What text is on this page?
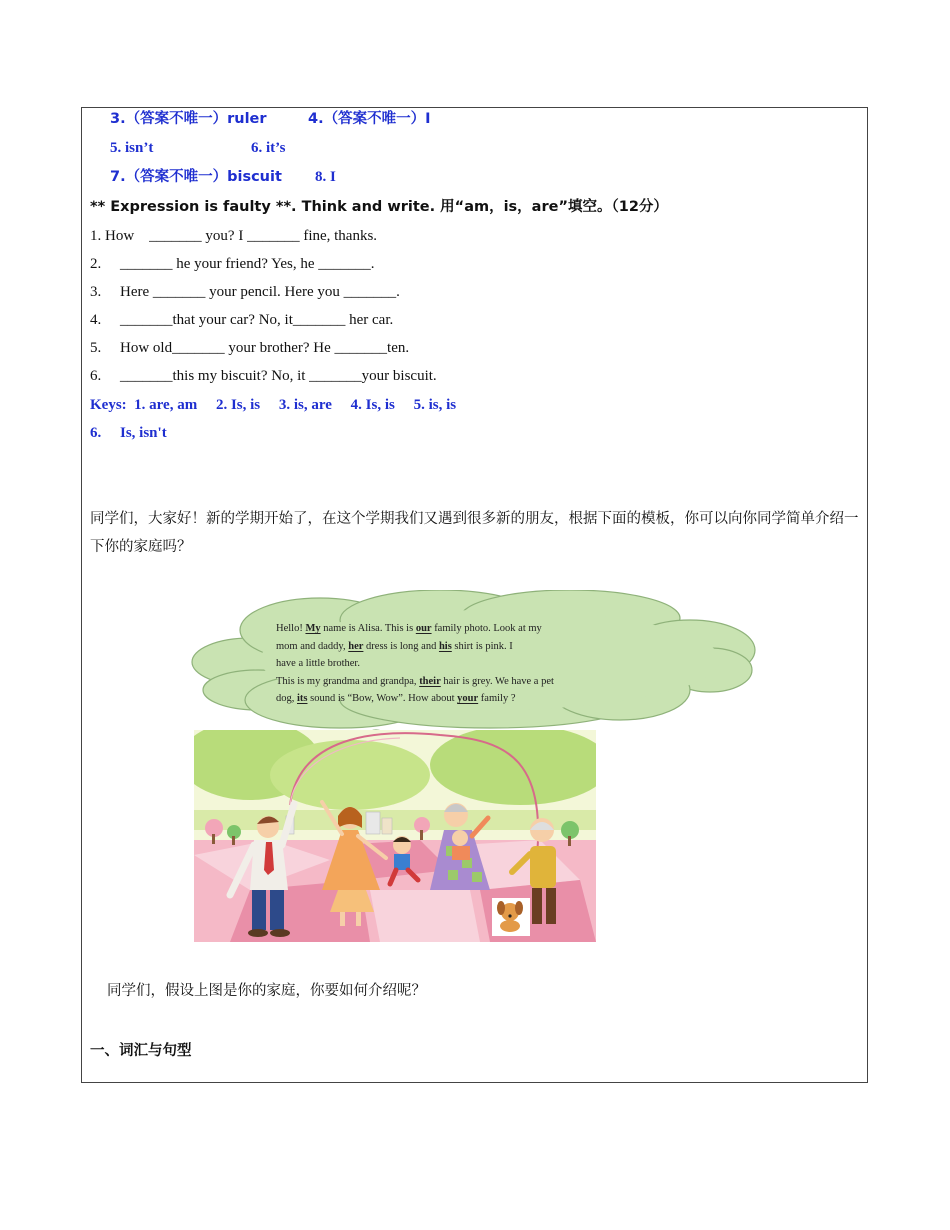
3.（答案不唯一）ruler	4.（答案不唯一）I
5. isn’t	6. it’s
7.（答案不唯一）biscuit 8. I
** Expression is faulty **. Think and write. 用“am，is，are”填空。（12分）
1. How    _______ you? I _______ fine, thanks.
2.     _______ he your friend? Yes, he _______.
3.     Here _______ your pencil. Here you _______.
4.     _______that your car? No, it_______ her car.
5.     How old_______ your brother? He _______ten.
6.     _______this my biscuit? No, it _______your biscuit.
Keys:  1. are, am     2. Is, is     3. is, are     4. Is, is     5. is, is
6.     Is, isn't
同学们，大家好！新的学期开始了，在这个学期我们又遇到很多新的朋友，根据下面的模板，你可以向你同学简单介绍一下你的家庭吗？
Hello! My name is Alisa. This is our family photo. Look at my
mom and daddy, her dress is long and his shirt is pink. I
have a little brother.
This is my grandma and grandpa, their hair is grey. We have a pet
dog, its sound is “Bow, Wow”. How about your family ?
同学们，假设上图是你的家庭，你要如何介绍呢？
一、词汇与句型
